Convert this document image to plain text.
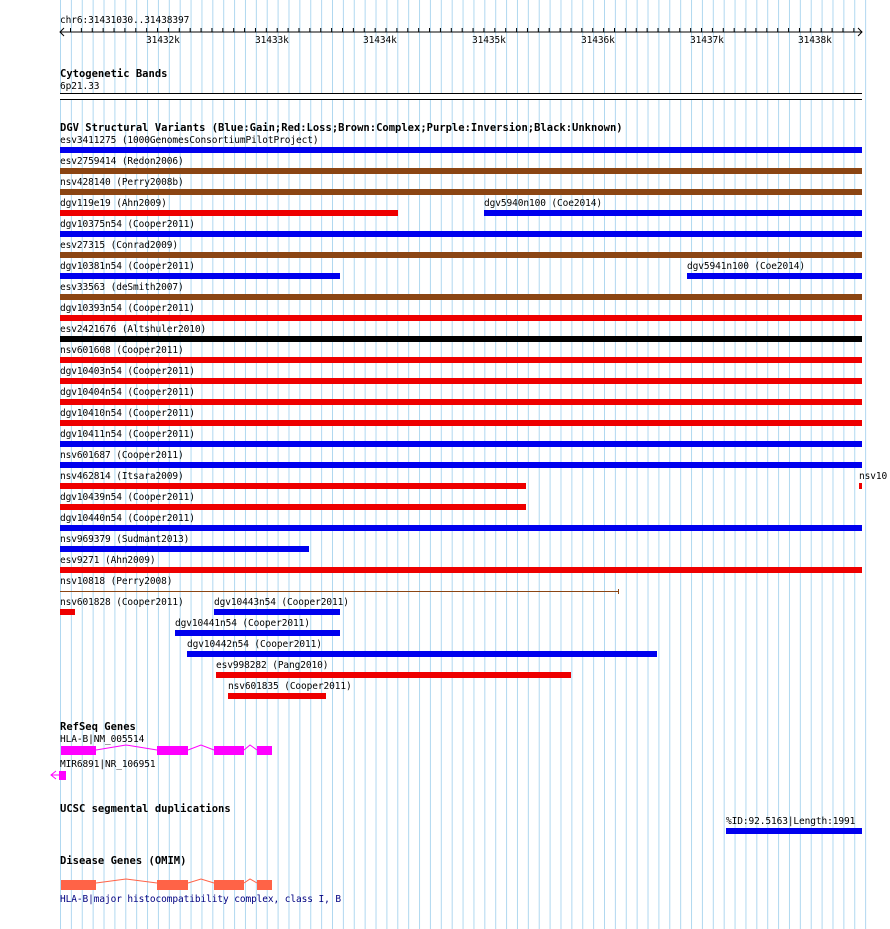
chr6:31431030..31438397
31432k	31433k	31434k	31435k	31436k	31437k	31438k
Cytogenetic Bands
6p21.33
DGV Structural Variants (Blue:Gain;Red:Loss;Brown:Complex;Purple:Inversion;Black:Unknown)
esv3411275 (1000GenomesConsortiumPilotProject)
esv2759414 (Redon2006)
nsv428140 (Perry2008b)
dgv119e19 (Ahn2009)	dgv5940n100 (Coe2014)
dgv10375n54 (Cooper2011)
esv27315 (Conrad2009)
dgv10381n54 (Cooper2011)	dgv5941n100 (Coe2014)
esv33563 (deSmith2007)
dgv10393n54 (Cooper2011)
esv2421676 (Altshuler2010)
nsv601608 (Cooper2011)
dgv10403n54 (Cooper2011)
dgv10404n54 (Cooper2011)
dgv10410n54 (Cooper2011)
dgv10411n54 (Cooper2011)
nsv601687 (Cooper2011)
nsv462814 (Itsara2009)	nsv10
dgv10439n54 (Cooper2011)
dgv10440n54 (Cooper2011)
nsv969379 (Sudmant2013)
esv9271 (Ahn2009)
nsv10818 (Perry2008)
nsv601828 (Cooper2011)	dgv10443n54 (Cooper2011)
dgv10441n54 (Cooper2011)
dgv10442n54 (Cooper2011)
esv998282 (Pang2010)
nsv601835 (Cooper2011)
RefSeq Genes
HLA-B|NM_005514
MIR6891|NR_106951
UCSC segmental duplications
%ID:92.5163|Length:1991
Disease Genes (OMIM)
HLA-B|major histocompatibility complex, class I, B
